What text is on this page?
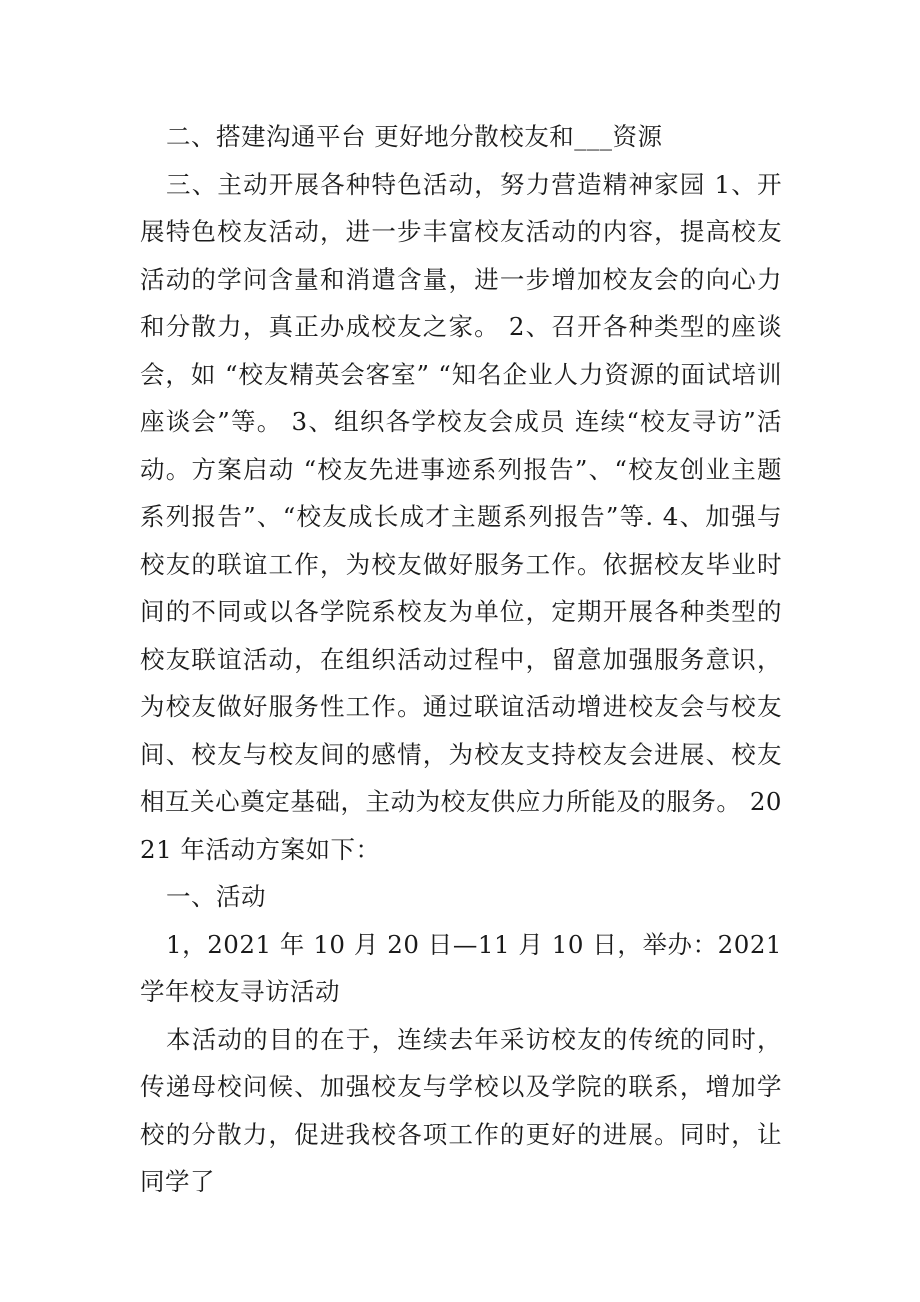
二、搭建沟通平台 更好地分散校友和___资源

三、主动开展各种特色活动，努力营造精神家园 1、开展特色校友活动，进一步丰富校友活动的内容，提高校友活动的学问含量和消遣含量，进一步增加校友会的向心力和分散力，真正办成校友之家。 2、召开各种类型的座谈会，如 “校友精英会客室” “知名企业人力资源的面试培训座谈会”等。 3、组织各学校友会成员 连续“校友寻访”活动。方案启动 “校友先进事迹系列报告”、“校友创业主题系列报告”、“校友成长成才主题系列报告”等. 4、加强与校友的联谊工作，为校友做好服务工作。依据校友毕业时间的不同或以各学院系校友为单位，定期开展各种类型的校友联谊活动，在组织活动过程中，留意加强服务意识，为校友做好服务性工作。通过联谊活动增进校友会与校友间、校友与校友间的感情，为校友支持校友会进展、校友相互关心奠定基础，主动为校友供应力所能及的服务。 2021 年活动方案如下：

一、活动

1，2021 年 10 月 20 日—11 月 10 日，举办：2021 学年校友寻访活动

本活动的目的在于，连续去年采访校友的传统的同时，传递母校问候、加强校友与学校以及学院的联系，增加学校的分散力，促进我校各项工作的更好的进展。同时，让同学了
